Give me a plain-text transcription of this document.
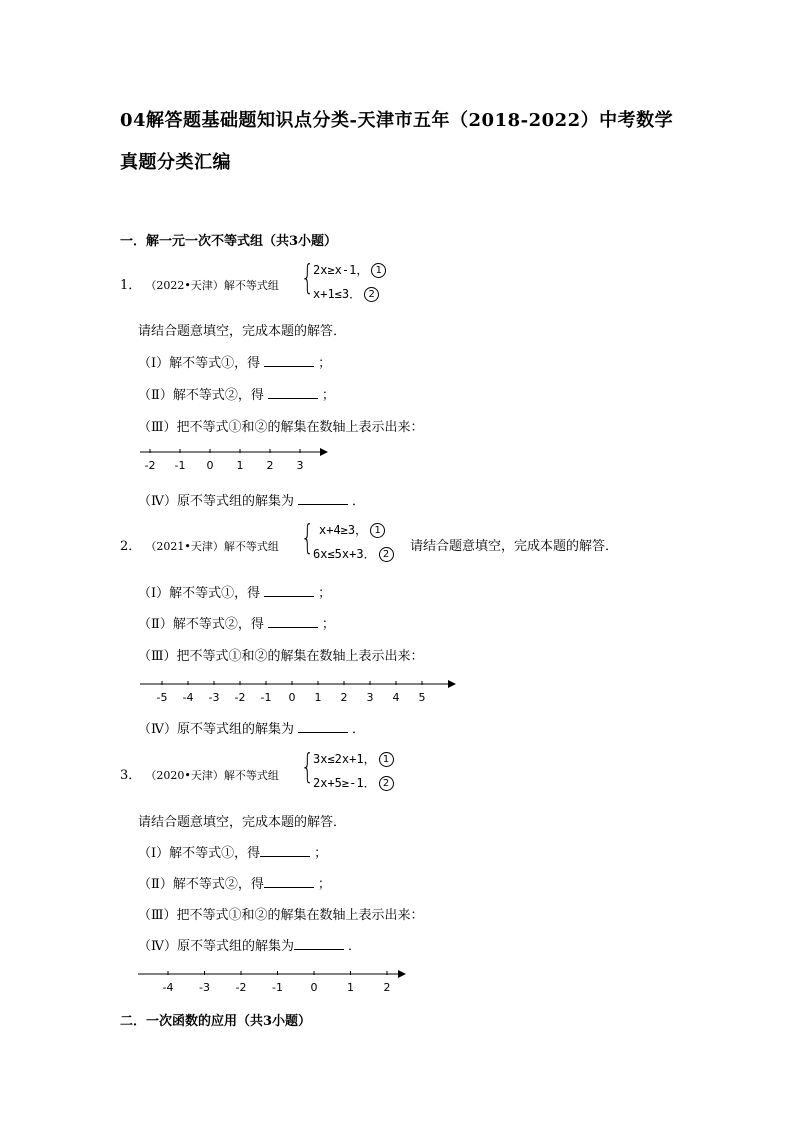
04解答题基础题知识点分类-天津市五年（2018-2022）中考数学
真题分类汇编
一．解一元一次不等式组（共3小题）
1． （2022•天津）解不等式组 { 2x≥x-1， 1
x+1≤3． 2
请结合题意填空，完成本题的解答．
（Ⅰ）解不等式①，得	；
（Ⅱ）解不等式②，得	；
（Ⅲ）把不等式①和②的解集在数轴上表示出来：
-2 -1 0 1 2 3
（Ⅳ）原不等式组的解集为	．
2． （2021•天津）解不等式组 { x+4≥3， 1
6x≤5x+3． 2
请结合题意填空，完成本题的解答．
（Ⅰ）解不等式①，得	；
（Ⅱ）解不等式②，得	；
（Ⅲ）把不等式①和②的解集在数轴上表示出来：
-5 -4 -3 -2 -1 0 1 2 3 4 5
（Ⅳ）原不等式组的解集为	．
3． （2020•天津）解不等式组 { 3x≤2x+1， 1
2x+5≥-1． 2
请结合题意填空，完成本题的解答．
（Ⅰ）解不等式①，得	；
（Ⅱ）解不等式②，得	；
（Ⅲ）把不等式①和②的解集在数轴上表示出来：
（Ⅳ）原不等式组的解集为	．
-4 -3 -2 -1	0	1	2
二．一次函数的应用（共3小题）
